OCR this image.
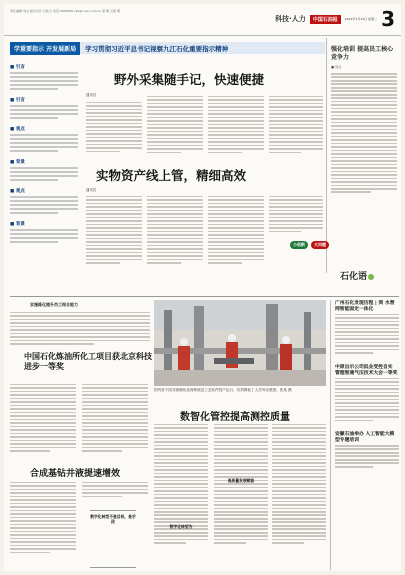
责任编辑 刘文 版式设计 吕桂云 电话:0000000 zbs@cnpc.com.cn 第 期 总第 期
科技·人力	中国石油报	2023年3月14日 星期二 3
学重要指示 开发展新局	学习贯彻习近平总书记视察九江石化重要指示精神
■ 引言
■ 引言
■ 观点
■ 背景
■ 观点
■ 背景
野外采集随手记，快速便捷
通讯员
实物资产线上管，精细高效
通讯员
强化培训 提高员工核心竞争力
■ 视点
小创新	大问题
石化语
实施炼化提升员工综合能力
中国石化炼油所化工项目获北京科技进步一等奖
合成基钻井液提速增效
数字化转型不是目标，是手段
国内首个固井面硬化处理系统及工艺软件投产运行，有效降低了人员劳动强度。张某 摄
数智化管控提高测控质量
数字化转型为
高质量发展赋能
广州石化发现历程 | 到 水营网智能固定一体化
中原出示公司低业受控自实 管理智通气压技术大会一等奖
安徽石油举办 人工智能大模型专题培训
